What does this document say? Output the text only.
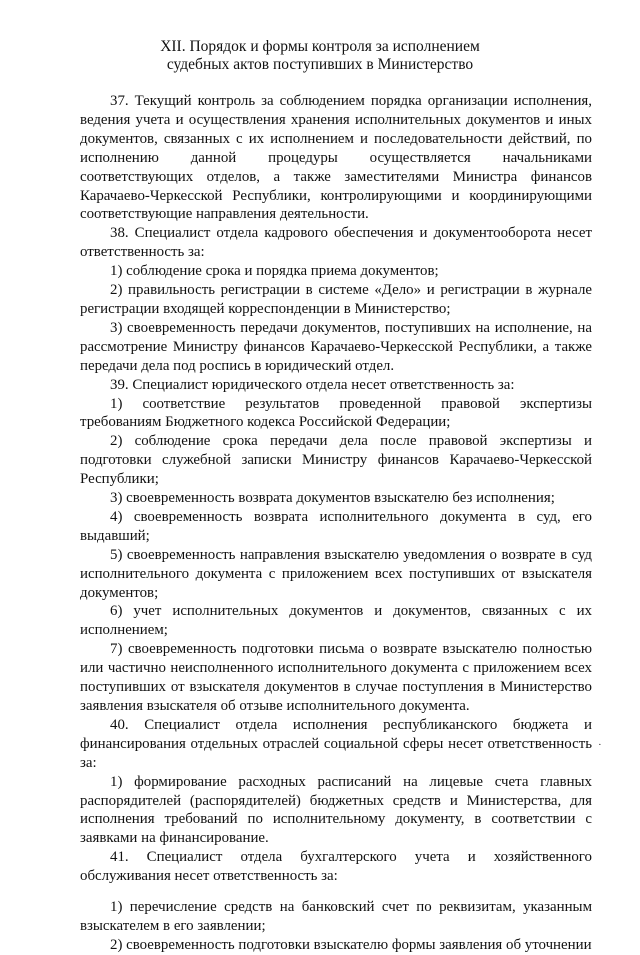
XII. Порядок и формы контроля за исполнением
судебных актов поступивших в Министерство

37. Текущий контроль за соблюдением порядка организации исполнения, ведения учета и осуществления хранения исполнительных документов и иных документов, связанных с их исполнением и последовательности действий, по исполнению данной процедуры осуществляется начальниками соответствующих отделов, а также заместителями Министра финансов Карачаево-Черкесской Республики, контролирующими и координирующими соответствующие направления деятельности.

38. Специалист отдела кадрового обеспечения и документооборота несет ответственность за:

1) соблюдение срока и порядка приема документов;

2) правильность регистрации в системе «Дело» и регистрации в журнале регистрации входящей корреспонденции в Министерство;

3) своевременность передачи документов, поступивших на исполнение, на рассмотрение Министру финансов Карачаево-Черкесской Республики, а также передачи дела под роспись в юридический отдел.

39. Специалист юридического отдела несет ответственность за:

1) соответствие результатов проведенной правовой экспертизы требованиям Бюджетного кодекса Российской Федерации;

2) соблюдение срока передачи дела после правовой экспертизы и подготовки служебной записки Министру финансов Карачаево-Черкесской Республики;

3) своевременность возврата документов взыскателю без исполнения;

4) своевременность возврата исполнительного документа в суд, его выдавший;

5) своевременность направления взыскателю уведомления о возврате в суд исполнительного документа с приложением всех поступивших от взыскателя документов;

6) учет исполнительных документов и документов, связанных с их исполнением;

7) своевременность подготовки письма о возврате взыскателю полностью или частично неисполненного исполнительного документа с приложением всех поступивших от взыскателя документов в случае поступления в Министерство заявления взыскателя об отзыве исполнительного документа.

40. Специалист отдела исполнения республиканского бюджета и финансирования отдельных отраслей социальной сферы несет ответственность за:

1) формирование расходных расписаний на лицевые счета главных распорядителей (распорядителей) бюджетных средств и Министерства, для исполнения требований по исполнительному документу, в соответствии с заявками на финансирование.

41. Специалист отдела бухгалтерского учета и хозяйственного обслуживания несет ответственность за:

1) перечисление средств на банковский счет по реквизитам, указанным взыскателем в его заявлении;

2) своевременность подготовки взыскателю формы заявления об уточнении

·
